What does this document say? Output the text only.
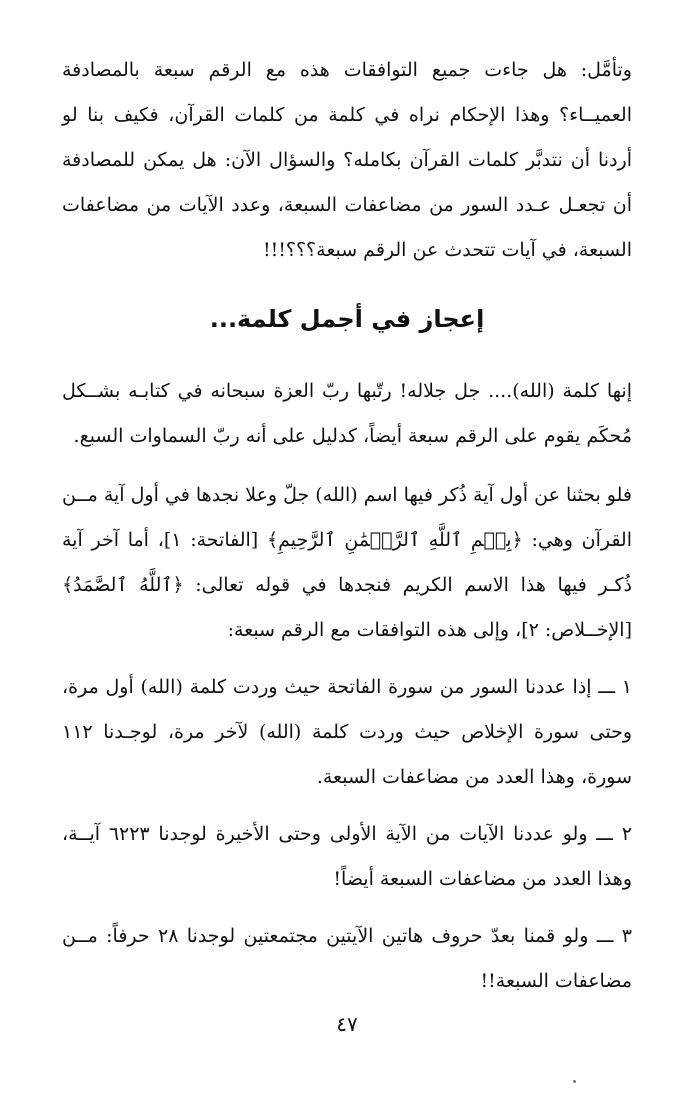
وتأمَّل: هل جاءت جميع التوافقات هذه مع الرقم سبعة بالمصادفة العميــاء؟ وهذا الإحكام نراه في كلمة من كلمات القرآن، فكيف بنا لو أردنا أن نتدبَّر كلمات القرآن بكامله؟ والسؤال الآن: هل يمكن للمصادفة أن تجعـل عـدد السور من مضاعفات السبعة، وعدد الآيات من مضاعفات السبعة، في آيات تتحدث عن الرقم سبعة؟؟؟!!!

إعجاز في أجمل كلمة...

إنها كلمة (الله).... جل جلاله! رتّبها ربّ العزة سبحانه في كتابـه بشــكل مُحكَم يقوم على الرقم سبعة أيضاً، كدليل على أنه ربّ السماوات السبع.

فلو بحثنا عن أول آية ذُكر فيها اسم (الله) جلّ وعلا نجدها في أول آية مــن القرآن وهي: ﴿بِسۡمِ ٱللَّهِ ٱلرَّحۡمَٰنِ ٱلرَّحِيمِ﴾ [الفاتحة: ١]، أما آخر آية ذُكـر فيها هذا الاسم الكريم فنجدها في قوله تعالى: ﴿ٱللَّهُ ٱلصَّمَدُ﴾ [الإخــلاص: ٢]، وإلى هذه التوافقات مع الرقم سبعة:

١ ـــ إذا عددنا السور من سورة الفاتحة حيث وردت كلمة (الله) أول مرة، وحتى سورة الإخلاص حيث وردت كلمة (الله) لآخر مرة، لوجـدنا ١١٢ سورة، وهذا العدد من مضاعفات السبعة.

٢ ـــ ولو عددنا الآيات من الآية الأولى وحتى الأخيرة لوجدنا ٦٢٢٣ آيــة، وهذا العدد من مضاعفات السبعة أيضاً!

٣ ـــ ولو قمنا بعدّ حروف هاتين الآيتين مجتمعتين لوجدنا ٢٨ حرفاً: مــن مضاعفات السبعة!!

٤٧
